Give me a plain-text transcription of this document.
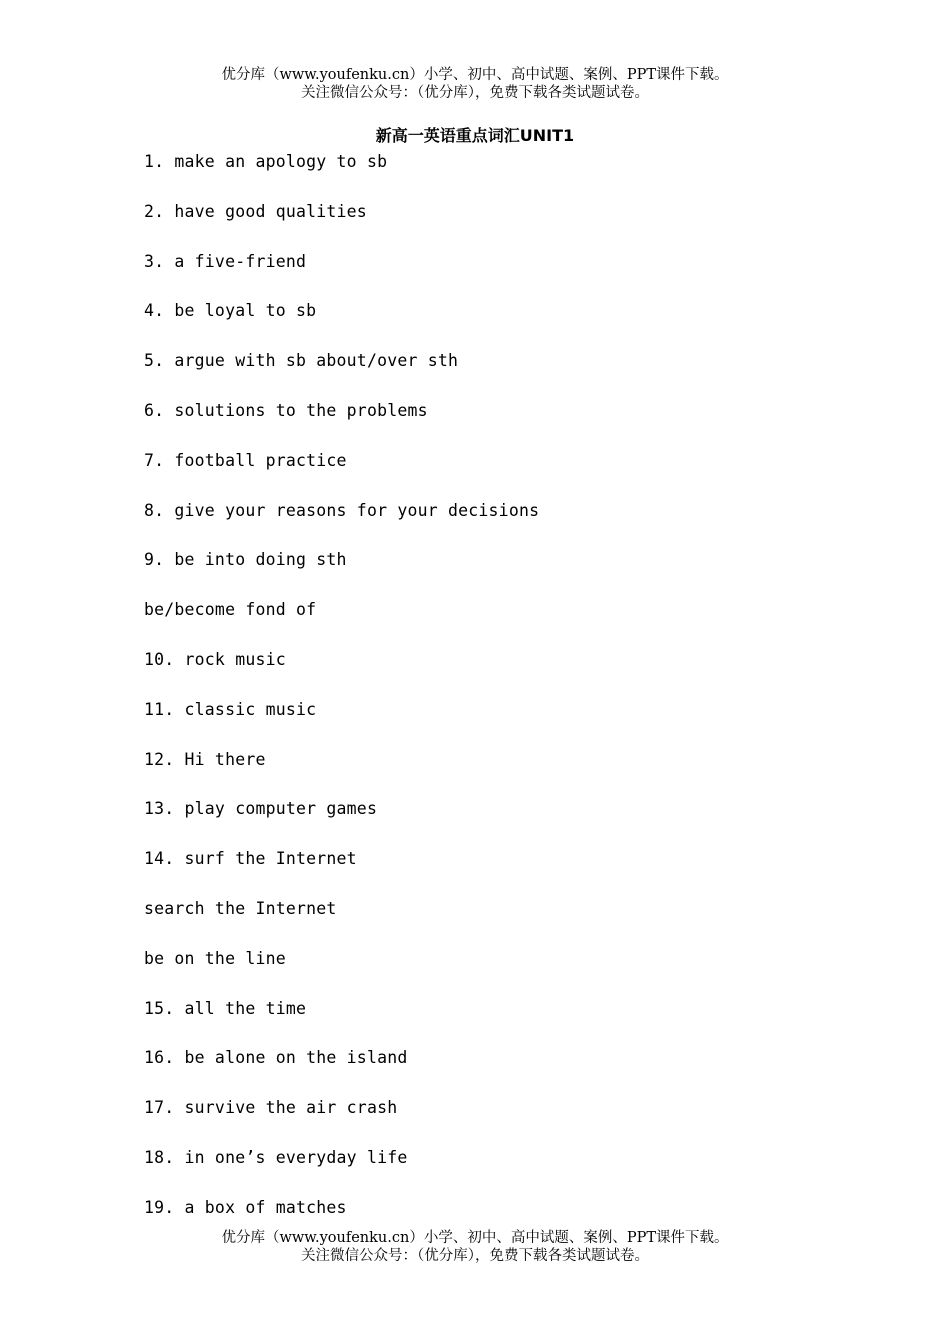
优分库（www.youfenku.cn）小学、初中、高中试题、案例、PPT课件下载。
关注微信公众号：（优分库），免费下载各类试题试卷。
新高一英语重点词汇UNIT1
1. make an apology to sb
2. have good qualities
3. a five-friend
4. be loyal to sb
5. argue with sb about/over sth
6. solutions to the problems
7. football practice
8. give your reasons for your decisions
9. be into doing sth
be/become fond of
10. rock music
11. classic music
12. Hi there
13. play computer games
14. surf the Internet
search the Internet
be on the line
15. all the time
16. be alone on the island
17. survive the air crash
18. in one’s everyday life
19. a box of matches
优分库（www.youfenku.cn）小学、初中、高中试题、案例、PPT课件下载。
关注微信公众号：（优分库），免费下载各类试题试卷。
